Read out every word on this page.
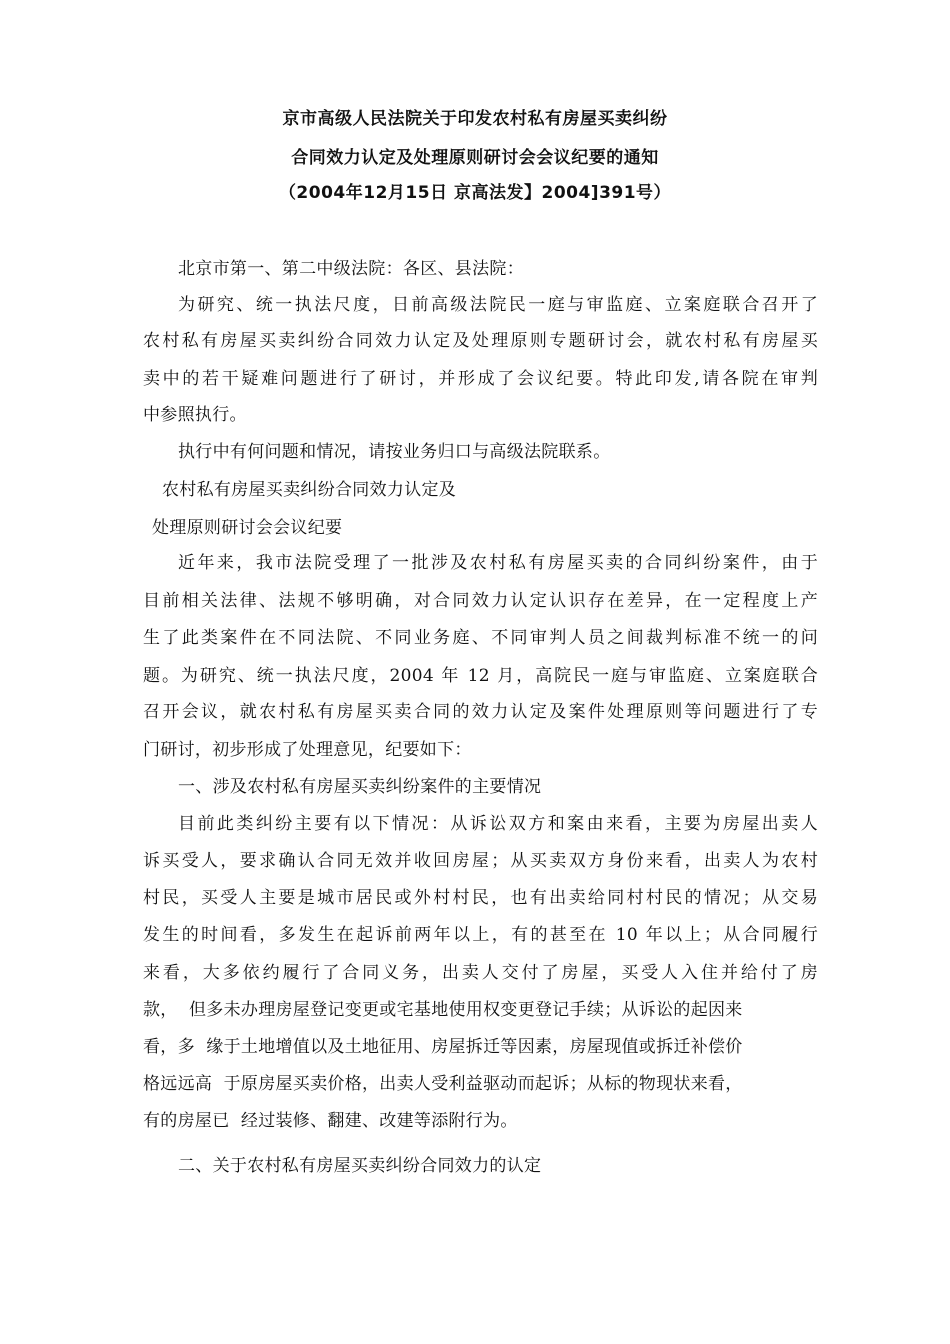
京市高级人民法院关于印发农村私有房屋买卖纠纷
合同效力认定及处理原则研讨会会议纪要的通知
（2004年12月15日 京高法发】2004]391号）
北京市第一、第二中级法院：各区、县法院：
为研究、统一执法尺度，日前高级法院民一庭与审监庭、立案庭联合召开了
农村私有房屋买卖纠纷合同效力认定及处理原则专题研讨会，就农村私有房屋买
卖中的若干疑难问题进行了研讨，并形成了会议纪要。特此印发,请各院在审判
中参照执行。
执行中有何问题和情况，请按业务归口与高级法院联系。
农村私有房屋买卖纠纷合同效力认定及
处理原则研讨会会议纪要
近年来，我市法院受理了一批涉及农村私有房屋买卖的合同纠纷案件，由于
目前相关法律、法规不够明确，对合同效力认定认识存在差异，在一定程度上产
生了此类案件在不同法院、不同业务庭、不同审判人员之间裁判标准不统一的问
题。为研究、统一执法尺度，2004 年 12 月，高院民一庭与审监庭、立案庭联合
召开会议，就农村私有房屋买卖合同的效力认定及案件处理原则等问题进行了专
门研讨，初步形成了处理意见，纪要如下：
一、涉及农村私有房屋买卖纠纷案件的主要情况
目前此类纠纷主要有以下情况：从诉讼双方和案由来看，主要为房屋出卖人
诉买受人，要求确认合同无效并收回房屋；从买卖双方身份来看，出卖人为农村
村民，买受人主要是城市居民或外村村民，也有出卖给同村村民的情况；从交易
发生的时间看，多发生在起诉前两年以上，有的甚至在 10 年以上；从合同履行
来看，大多依约履行了合同义务，出卖人交付了房屋，买受人入住并给付了房
款，  但多未办理房屋登记变更或宅基地使用权变更登记手续；从诉讼的起因来
看，多  缘于土地增值以及土地征用、房屋拆迁等因素，房屋现值或拆迁补偿价
格远远高  于原房屋买卖价格，出卖人受利益驱动而起诉；从标的物现状来看，
有的房屋已  经过装修、翻建、改建等添附行为。
二、关于农村私有房屋买卖纠纷合同效力的认定
